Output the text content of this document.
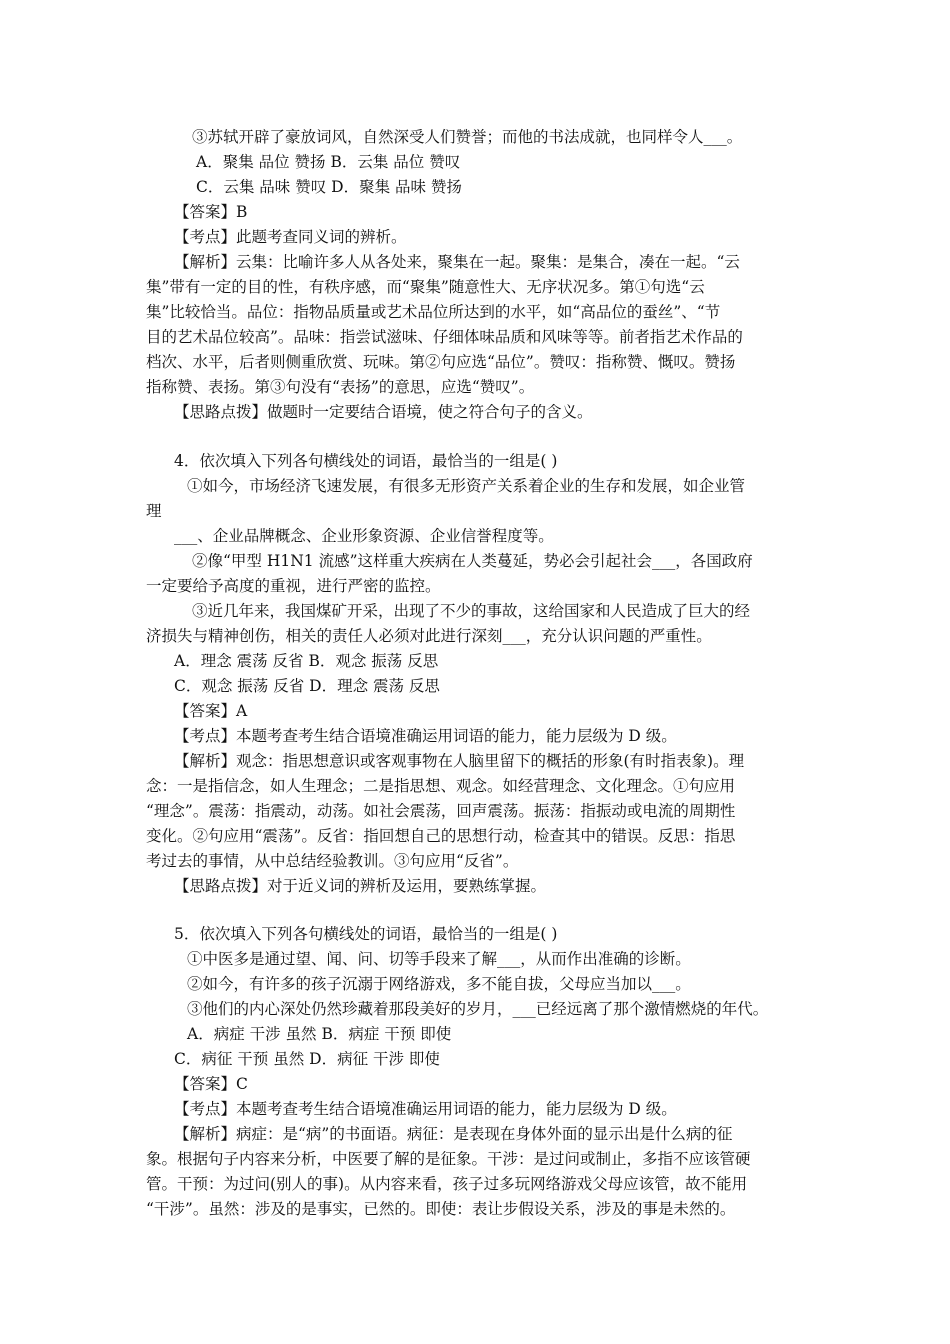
③苏轼开辟了豪放词风，自然深受人们赞誉；而他的书法成就，也同样令人___。
A．聚集 品位 赞扬 B．云集 品位 赞叹
C．云集 品味 赞叹 D．聚集 品味 赞扬
【答案】B
【考点】此题考查同义词的辨析。
【解析】云集：比喻许多人从各处来，聚集在一起。聚集：是集合，凑在一起。“云
集”带有一定的目的性，有秩序感，而“聚集”随意性大、无序状况多。第①句选“云
集”比较恰当。品位：指物品质量或艺术品位所达到的水平，如“高品位的蚕丝”、“节
目的艺术品位较高”。品味：指尝试滋味、仔细体味品质和风味等等。前者指艺术作品的
档次、水平，后者则侧重欣赏、玩味。第②句应选“品位”。赞叹：指称赞、慨叹。赞扬
指称赞、表扬。第③句没有“表扬”的意思，应选“赞叹”。
【思路点拨】做题时一定要结合语境，使之符合句子的含义。
4．依次填入下列各句横线处的词语，最恰当的一组是( )
①如今，市场经济飞速发展，有很多无形资产关系着企业的生存和发展，如企业管
理
___、企业品牌概念、企业形象资源、企业信誉程度等。
②像“甲型 H1N1 流感”这样重大疾病在人类蔓延，势必会引起社会___，各国政府
一定要给予高度的重视，进行严密的监控。
③近几年来，我国煤矿开采，出现了不少的事故，这给国家和人民造成了巨大的经
济损失与精神创伤，相关的责任人必须对此进行深刻___，充分认识问题的严重性。
A．理念 震荡 反省 B．观念 振荡 反思
C．观念 振荡 反省 D．理念 震荡 反思
【答案】A
【考点】本题考查考生结合语境准确运用词语的能力，能力层级为 D 级。
【解析】观念：指思想意识或客观事物在人脑里留下的概括的形象(有时指表象)。理
念：一是指信念，如人生理念；二是指思想、观念。如经营理念、文化理念。①句应用
“理念”。震荡：指震动，动荡。如社会震荡，回声震荡。振荡：指振动或电流的周期性
变化。②句应用“震荡”。反省：指回想自己的思想行动，检查其中的错误。反思：指思
考过去的事情，从中总结经验教训。③句应用“反省”。
【思路点拨】对于近义词的辨析及运用，要熟练掌握。
5．依次填入下列各句横线处的词语，最恰当的一组是( )
①中医多是通过望、闻、问、切等手段来了解___，从而作出准确的诊断。
②如今，有许多的孩子沉溺于网络游戏，多不能自拔，父母应当加以___。
③他们的内心深处仍然珍藏着那段美好的岁月，___已经远离了那个激情燃烧的年代。
A．病症 干涉 虽然 B．病症 干预 即使
C．病征 干预 虽然 D．病征 干涉 即使
【答案】C
【考点】本题考查考生结合语境准确运用词语的能力，能力层级为 D 级。
【解析】病症：是“病”的书面语。病征：是表现在身体外面的显示出是什么病的征
象。根据句子内容来分析，中医要了解的是征象。干涉：是过问或制止，多指不应该管硬
管。干预：为过问(别人的事)。从内容来看，孩子过多玩网络游戏父母应该管，故不能用
“干涉”。虽然：涉及的是事实，已然的。即使：表让步假设关系，涉及的事是未然的。
